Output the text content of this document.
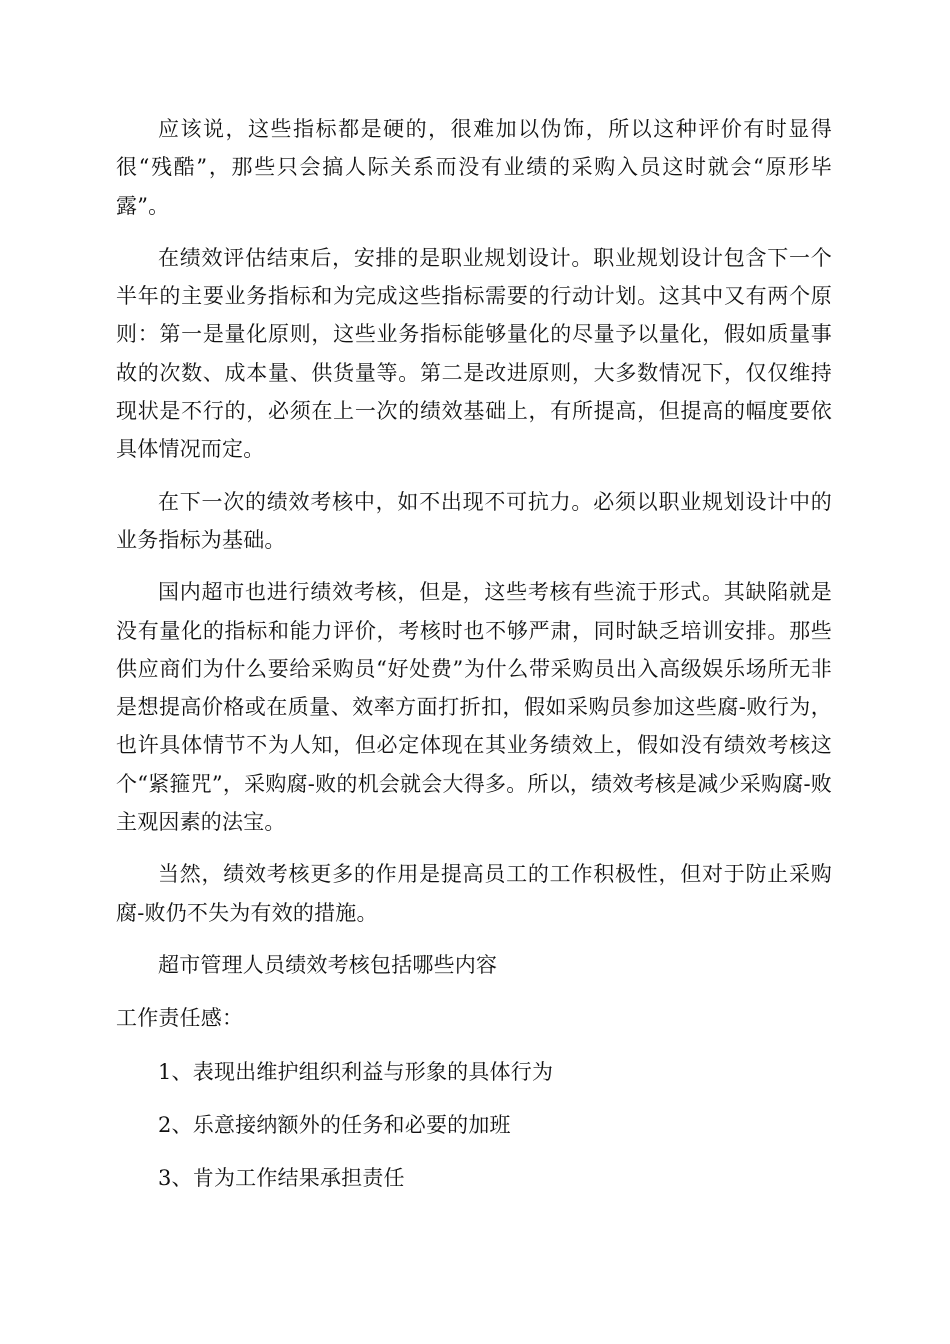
应该说，这些指标都是硬的，很难加以伪饰，所以这种评价有时显得很“残酷”，那些只会搞人际关系而没有业绩的采购入员这时就会“原形毕露”。

在绩效评估结束后，安排的是职业规划设计。职业规划设计包含下一个半年的主要业务指标和为完成这些指标需要的行动计划。这其中又有两个原则：第一是量化原则，这些业务指标能够量化的尽量予以量化，假如质量事故的次数、成本量、供货量等。第二是改进原则，大多数情况下，仅仅维持现状是不行的，必须在上一次的绩效基础上，有所提高，但提高的幅度要依具体情况而定。

在下一次的绩效考核中，如不出现不可抗力。必须以职业规划设计中的业务指标为基础。

国内超市也进行绩效考核，但是，这些考核有些流于形式。其缺陷就是没有量化的指标和能力评价，考核时也不够严肃，同时缺乏培训安排。那些供应商们为什么要给采购员“好处费”为什么带采购员出入高级娱乐场所无非是想提高价格或在质量、效率方面打折扣，假如采购员参加这些腐-败行为，也许具体情节不为人知，但必定体现在其业务绩效上，假如没有绩效考核这个“紧箍咒”，采购腐-败的机会就会大得多。所以，绩效考核是减少采购腐-败主观因素的法宝。

当然，绩效考核更多的作用是提高员工的工作积极性，但对于防止采购腐-败仍不失为有效的措施。

超市管理人员绩效考核包括哪些内容

工作责任感：

1、表现出维护组织利益与形象的具体行为

2、乐意接纳额外的任务和必要的加班

3、肯为工作结果承担责任
